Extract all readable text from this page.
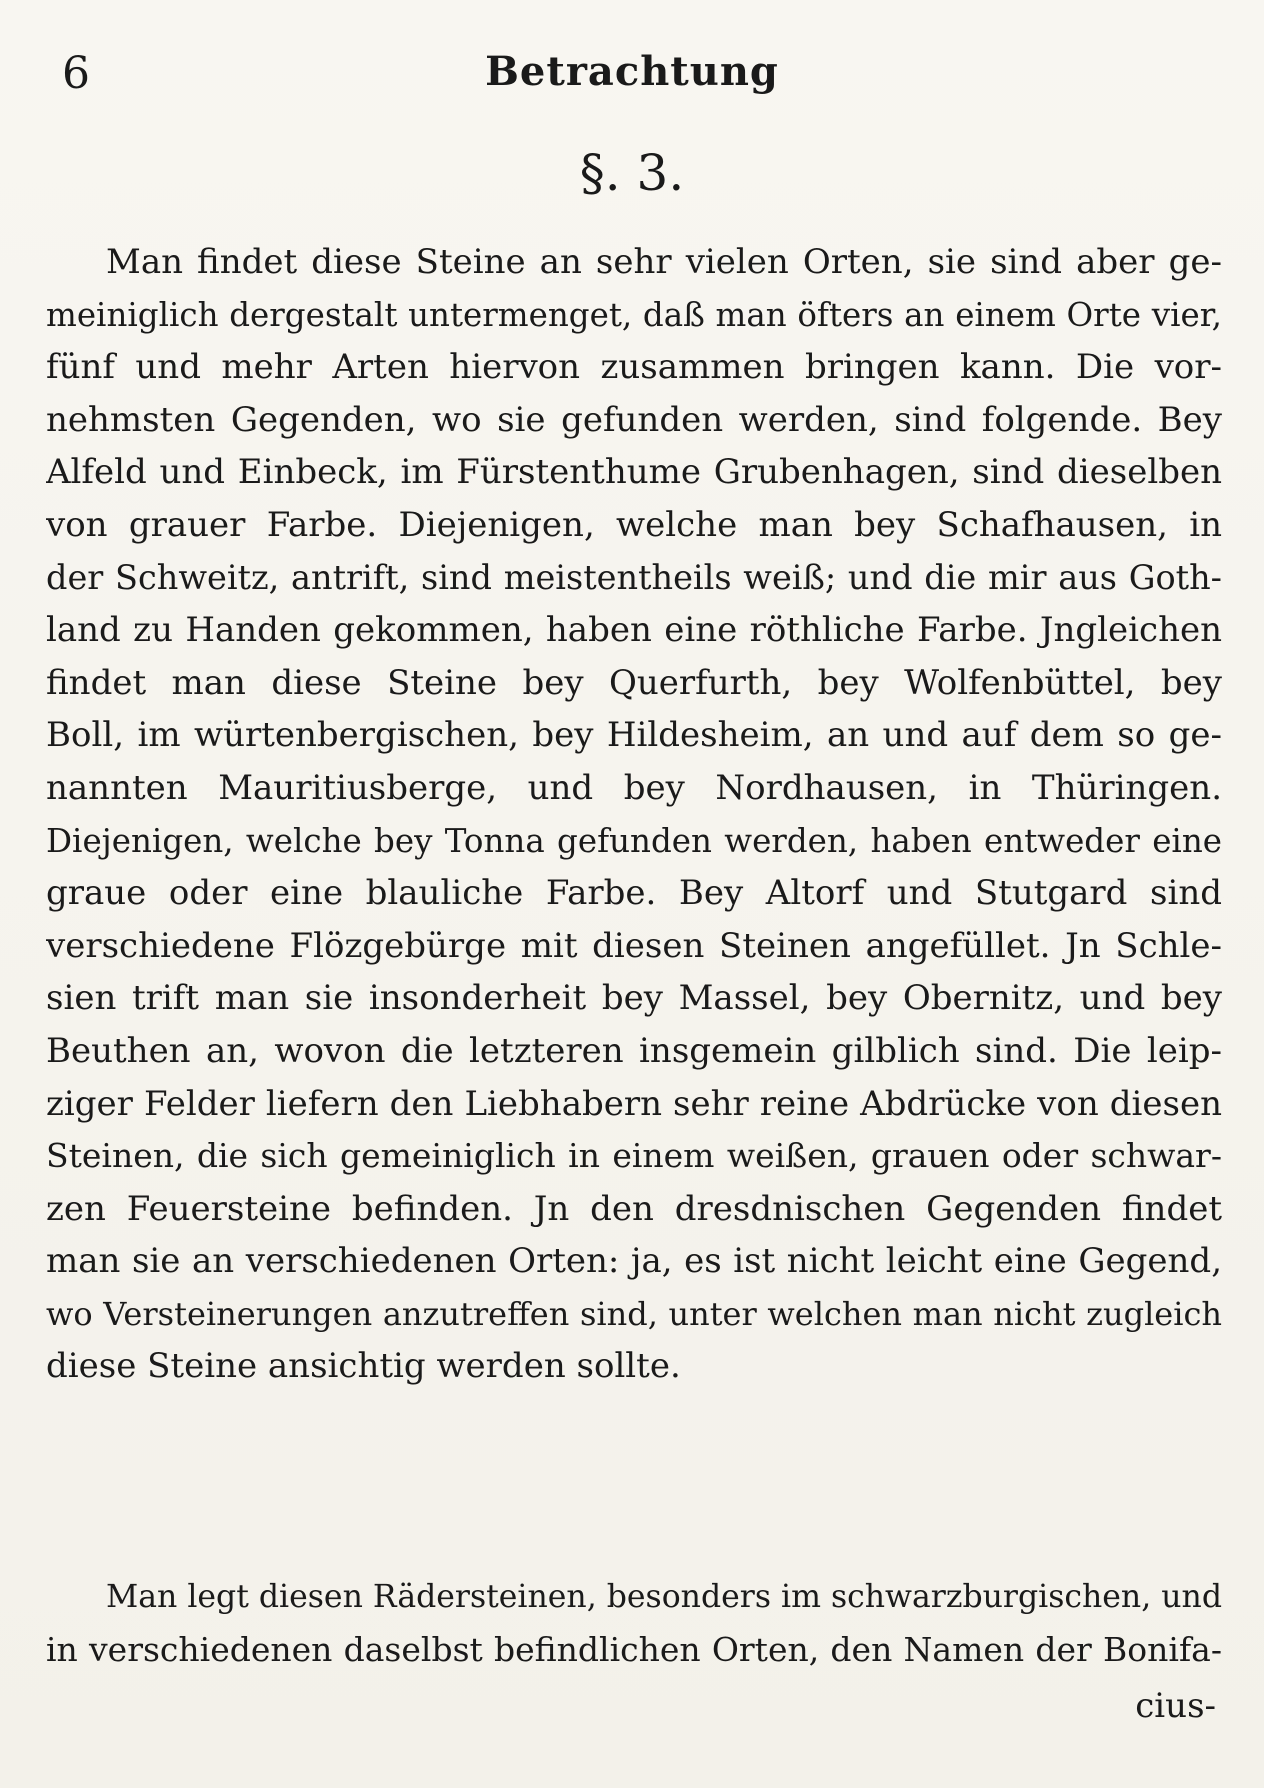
6	Betrachtung
§. 3.
Man findet diese Steine an sehr vielen Orten, sie sind aber ge-
meiniglich dergestalt untermenget, daß man öfters an einem Orte vier,
fünf und mehr Arten hiervon zusammen bringen kann. Die vor-
nehmsten Gegenden, wo sie gefunden werden, sind folgende. Bey
Alfeld und Einbeck, im Fürstenthume Grubenhagen, sind dieselben
von grauer Farbe. Diejenigen, welche man bey Schafhausen, in
der Schweitz, antrift, sind meistentheils weiß; und die mir aus Goth-
land zu Handen gekommen, haben eine röthliche Farbe. Jngleichen
findet man diese Steine bey Querfurth, bey Wolfenbüttel, bey
Boll, im würtenbergischen, bey Hildesheim, an und auf dem so ge-
nannten Mauritiusberge, und bey Nordhausen, in Thüringen.
Diejenigen, welche bey Tonna gefunden werden, haben entweder eine
graue oder eine blauliche Farbe. Bey Altorf und Stutgard sind
verschiedene Flözgebürge mit diesen Steinen angefüllet. Jn Schle-
sien trift man sie insonderheit bey Massel, bey Obernitz, und bey
Beuthen an, wovon die letzteren insgemein gilblich sind. Die leip-
ziger Felder liefern den Liebhabern sehr reine Abdrücke von diesen
Steinen, die sich gemeiniglich in einem weißen, grauen oder schwar-
zen Feuersteine befinden. Jn den dresdnischen Gegenden findet
man sie an verschiedenen Orten: ja, es ist nicht leicht eine Gegend,
wo Versteinerungen anzutreffen sind, unter welchen man nicht zugleich
diese Steine ansichtig werden sollte.
Man legt diesen Rädersteinen, besonders im schwarzburgischen, und
in verschiedenen daselbst befindlichen Orten, den Namen der Bonifa-
cius-
